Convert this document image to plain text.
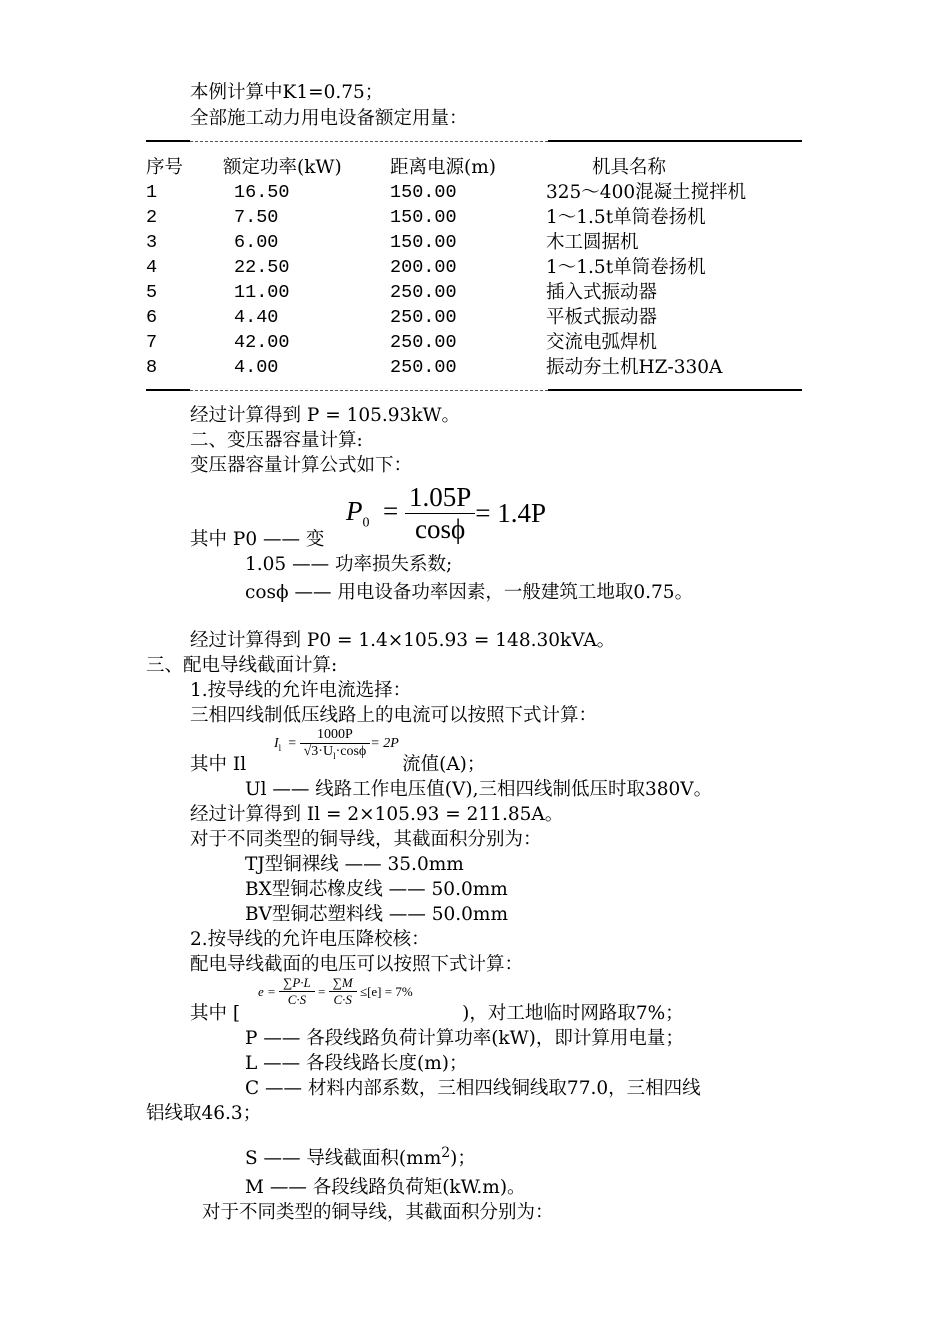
本例计算中K1=0.75；
全部施工动力用电设备额定用量：
序号 额定功率(kW)	距离电源(m)	机具名称
1	16.50	150.00	325～400混凝土搅拌机
2	7.50	150.00	1～1.5t单筒卷扬机
3	6.00	150.00	木工圆据机
4	22.50	200.00	1～1.5t单筒卷扬机
5	11.00	250.00	插入式振动器
6	4.40	250.00	平板式振动器
7	42.00	250.00	交流电弧焊机
8	4.00	250.00	振动夯土机HZ-330A
经过计算得到 P = 105.93kW。
二、变压器容量计算:
变压器容量计算公式如下：
其中 P0 —— 变
1.05 —— 功率损失系数;
$P_0$  =	$\frac{1.05P}{\cos\phi}$	= 1.4P
cosϕ —— 用电设备功率因素，一般建筑工地取0.75。
经过计算得到 P0 = 1.4×105.93 = 148.30kVA。
三、配电导线截面计算:
1.按导线的允许电流选择：
三相四线制低压线路上的电流可以按照下式计算：
其中 Il	流值(A)；
$I_l$  =	$\frac{1000P}{√3\cdot U_l\cdot\cos\phi}$	= 2P
Ul —— 线路工作电压值(V),三相四线制低压时取380V。
经过计算得到 Il = 2×105.93 = 211.85A。
对于不同类型的铜导线，其截面积分别为：
TJ型铜裸线 —— 35.0mm
BX型铜芯橡皮线 —— 50.0mm
BV型铜芯塑料线 —— 50.0mm
2.按导线的允许电压降校核：
配电导线截面的电压可以按照下式计算：
其中 [	)，对工地临时网路取7%；
e =	$\frac{\sum P\cdot L}{C\cdot S}$	=	$\frac{\sum M}{C\cdot S}$	≤[e] = 7%
P —— 各段线路负荷计算功率(kW)，即计算用电量；
L —— 各段线路长度(m)；
C —— 材料内部系数，三相四线铜线取77.0，三相四线
铝线取46.3；
S —— 导线截面积$(mm^2)$；
M —— 各段线路负荷矩(kW.m)。
对于不同类型的铜导线，其截面积分别为：
